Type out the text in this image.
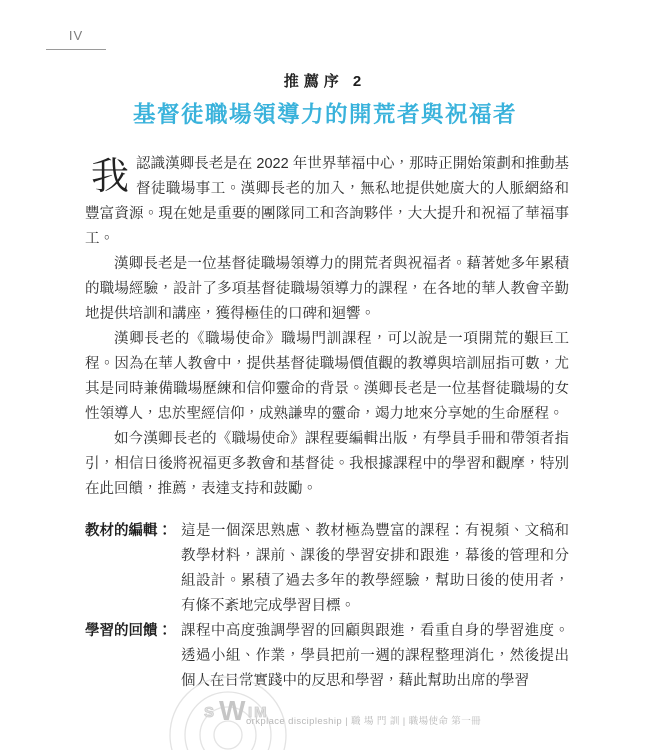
IV
推薦序 2
基督徒職場領導力的開荒者與祝福者

我認識漢卿長老是在 2022 年世界華福中心，那時正開始策劃和推動基督徒職場事工。漢卿長老的加入，無私地提供她廣大的人脈網絡和豐富資源。現在她是重要的團隊同工和咨詢夥伴，大大提升和祝福了華福事工。

漢卿長老是一位基督徒職場領導力的開荒者與祝福者。藉著她多年累積的職場經驗，設計了多項基督徒職場領導力的課程，在各地的華人教會辛勤地提供培訓和講座，獲得極佳的口碑和迴響。

漢卿長老的《職場使命》職場門訓課程，可以說是一項開荒的艱巨工程。因為在華人教會中，提供基督徒職場價值觀的教導與培訓屈指可數，尤其是同時兼備職場歷練和信仰靈命的背景。漢卿長老是一位基督徒職場的女性領導人，忠於聖經信仰，成熟謙卑的靈命，竭力地來分享她的生命歷程。

如今漢卿長老的《職場使命》課程要編輯出版，有學員手冊和帶領者指引，相信日後將祝福更多教會和基督徒。我根據課程中的學習和觀摩，特別在此回饋，推薦，表達支持和鼓勵。

教材的編輯： 這是一個深思熟慮、教材極為豐富的課程：有視頻、文稿和教學材料，課前、課後的學習安排和跟進，幕後的管理和分組設計。累積了過去多年的教學經驗，幫助日後的使用者，有條不紊地完成學習目標。
學習的回饋： 課程中高度強調學習的回顧與跟進，看重自身的學習進度。透過小組、作業，學員把前一週的課程整理消化，然後提出個人在日常實踐中的反思和學習，藉此幫助出席的學習
S W IM
orkplace discipleship | 職 場 門 訓 | 職場使命 第一冊
